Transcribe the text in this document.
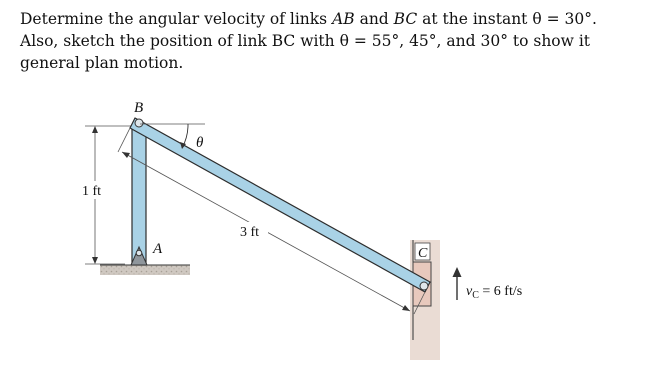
Determine the angular velocity of links AB and BC at the instant θ = 30°.

Also, sketch the position of link BC with θ = 55°, 45°, and 30° to show it

general plan motion.

1 ft
3 ft
θ
B
A	C
$v_C = 6$ ft/s
